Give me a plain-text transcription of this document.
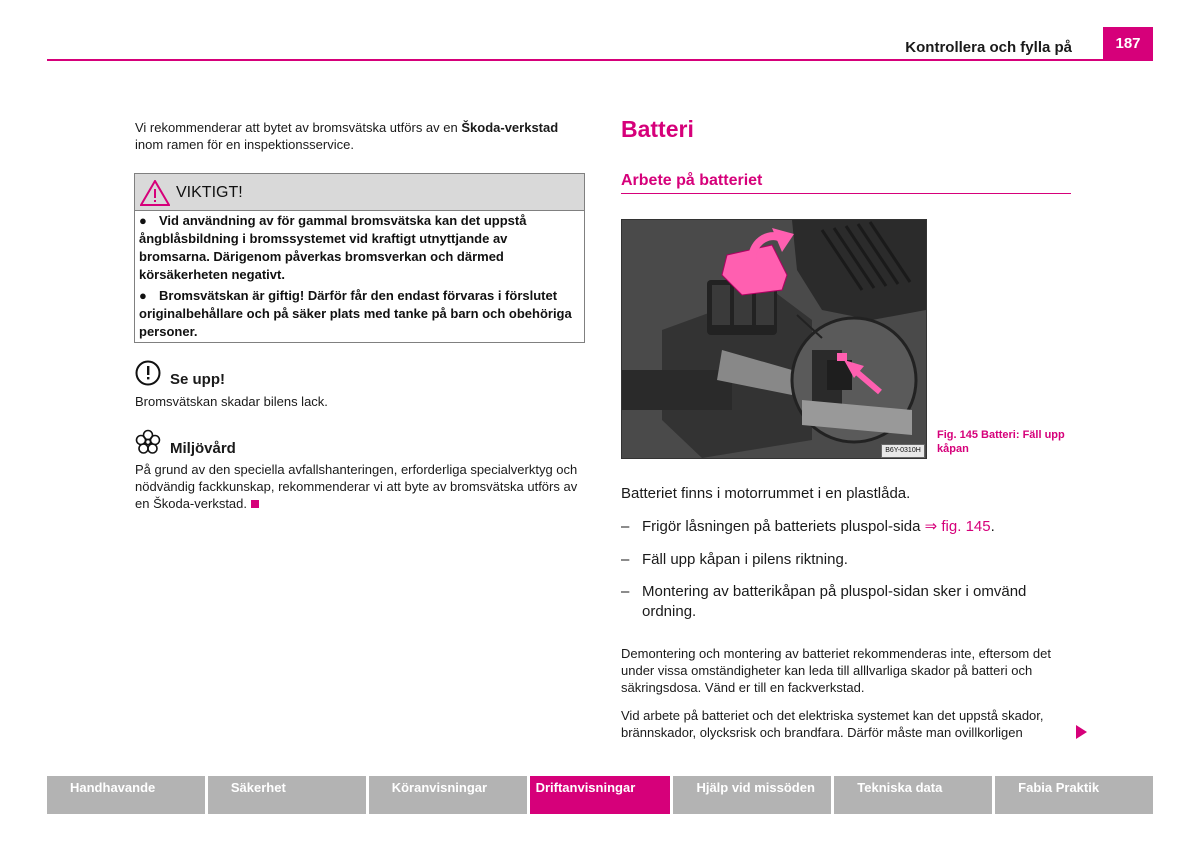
Kontrollera och fylla på	187
Vi rekommenderar att bytet av bromsvätska utförs av en Škoda-verkstad inom ramen för en inspektionsservice.
VIKTIGT!
● Vid användning av för gammal bromsvätska kan det uppstå ångblåsbildning i bromssystemet vid kraftigt utnyttjande av bromsarna. Därigenom påverkas bromsverkan och därmed körsäkerheten negativt.
● Bromsvätskan är giftig! Därför får den endast förvaras i förslutet originalbehållare och på säker plats med tanke på barn och obehöriga personer.
Se upp!
Bromsvätskan skadar bilens lack.
Miljövård
På grund av den speciella avfallshanteringen, erforderliga specialverktyg och nödvändig fackkunskap, rekommenderar vi att byte av bromsvätska utförs av en Škoda-verkstad.
Batteri
Arbete på batteriet
B6Y-0310H
Fig. 145 Batteri: Fäll upp kåpan
Batteriet finns i motorrummet i en plastlåda.
– Frigör låsningen på batteriets pluspol-sida ⇒ fig. 145.
– Fäll upp kåpan i pilens riktning.
– Montering av batterikåpan på pluspol-sidan sker i omvänd ordning.
Demontering och montering av batteriet rekommenderas inte, eftersom det under vissa omständigheter kan leda till alllvarliga skador på batteri och säkringsdosa. Vänd er till en fackverkstad.
Vid arbete på batteriet och det elektriska systemet kan det uppstå skador, brännskador, olycksrisk och brandfara. Därför måste man ovillkorligen
Handhavande	Säkerhet	Köranvisningar	Driftanvisningar	Hjälp vid missöden	Tekniska data	Fabia Praktik
